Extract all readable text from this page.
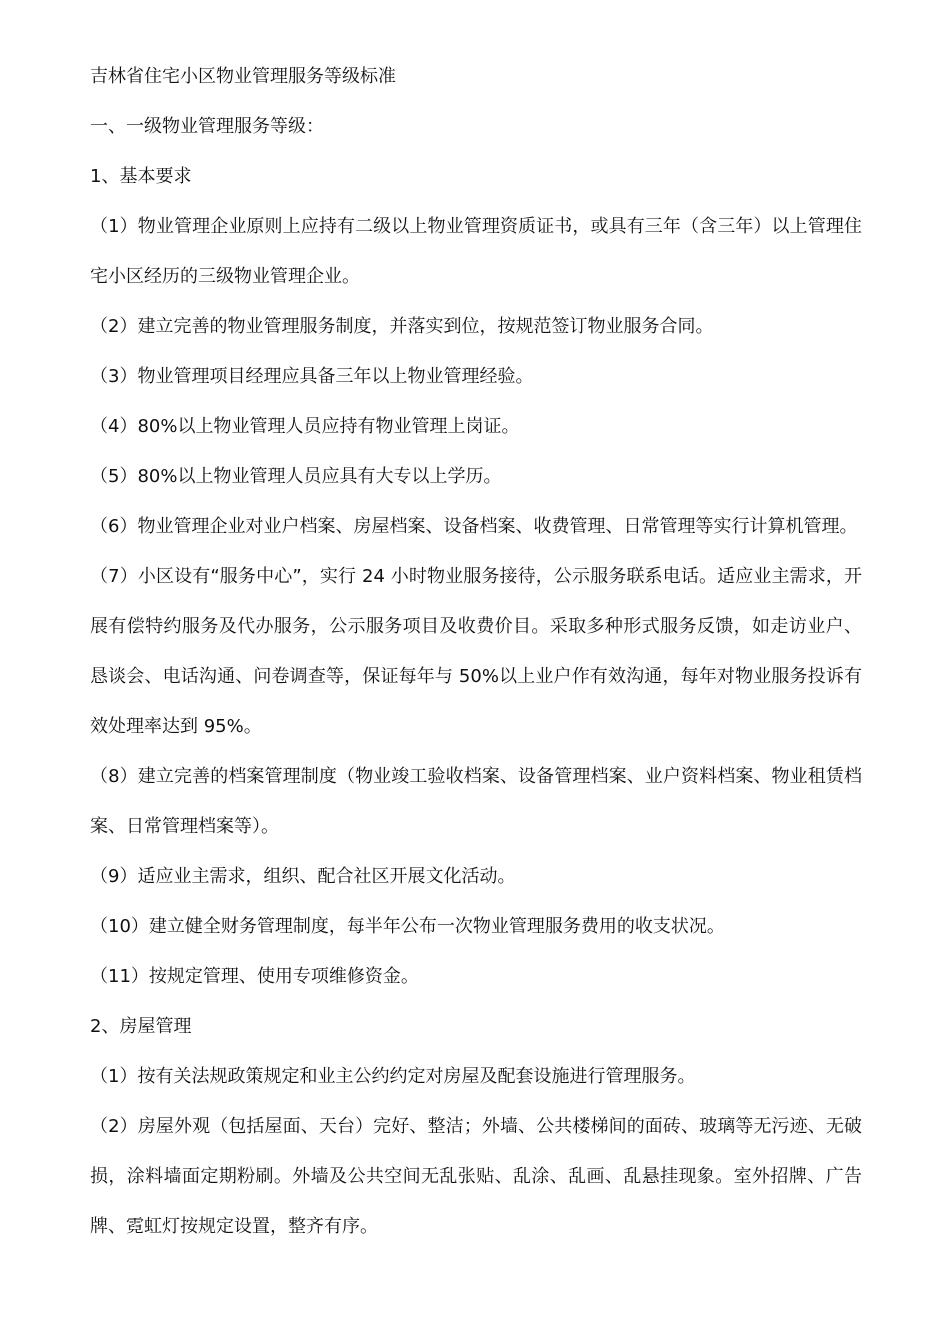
吉林省住宅小区物业管理服务等级标准
一、一级物业管理服务等级：
1、基本要求
（1）物业管理企业原则上应持有二级以上物业管理资质证书，或具有三年（含三年）以上管理住宅小区经历的三级物业管理企业。
（2）建立完善的物业管理服务制度，并落实到位，按规范签订物业服务合同。
（3）物业管理项目经理应具备三年以上物业管理经验。
（4）80%以上物业管理人员应持有物业管理上岗证。
（5）80%以上物业管理人员应具有大专以上学历。
（6）物业管理企业对业户档案、房屋档案、设备档案、收费管理、日常管理等实行计算机管理。
（7）小区设有“服务中心”，实行 24 小时物业服务接待，公示服务联系电话。适应业主需求，开展有偿特约服务及代办服务，公示服务项目及收费价目。采取多种形式服务反馈，如走访业户、恳谈会、电话沟通、问卷调查等，保证每年与 50%以上业户作有效沟通，每年对物业服务投诉有效处理率达到 95%。
（8）建立完善的档案管理制度（物业竣工验收档案、设备管理档案、业户资料档案、物业租赁档案、日常管理档案等）。
（9）适应业主需求，组织、配合社区开展文化活动。
（10）建立健全财务管理制度，每半年公布一次物业管理服务费用的收支状况。
（11）按规定管理、使用专项维修资金。
2、房屋管理
（1）按有关法规政策规定和业主公约约定对房屋及配套设施进行管理服务。
（2）房屋外观（包括屋面、天台）完好、整洁；外墙、公共楼梯间的面砖、玻璃等无污迹、无破损，涂料墙面定期粉刷。外墙及公共空间无乱张贴、乱涂、乱画、乱悬挂现象。室外招牌、广告牌、霓虹灯按规定设置，整齐有序。
